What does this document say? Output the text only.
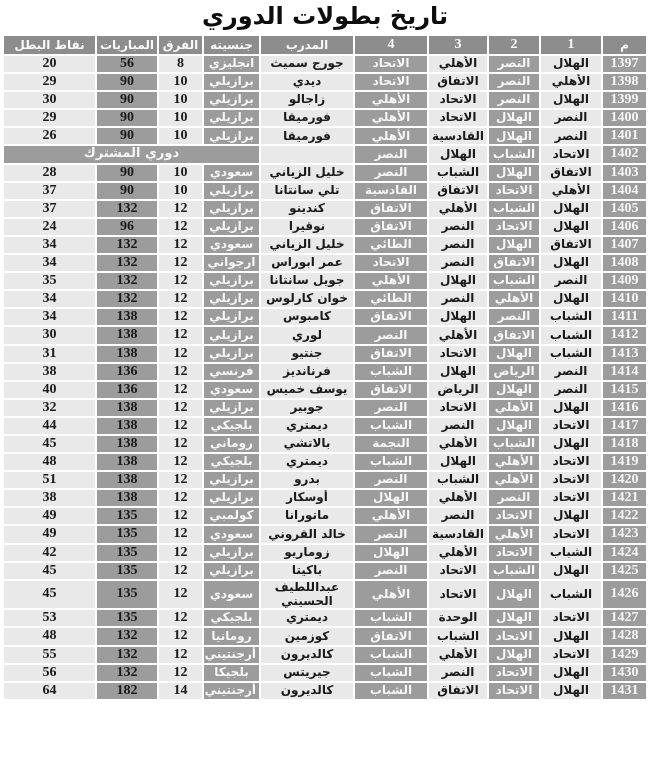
تاريخ بطولات الدوري
م	1	2	3	4	المدرب	جنسيته	الفرق	المباريات	نقاط البطل
1397	الهلال	النصر	الأهلي	الاتحاد	جورج سميث	انجليزي	8	56	20
1398	الأهلي	النصر	الاتفاق	الاتحاد	ديدي	برازيلي	10	90	29
1399	الهلال	النصر	الاتحاد	الأهلي	زاجالو	برازيلي	10	90	30
1400	النصر	الهلال	الاتحاد	الأهلي	فورميقا	برازيلي	10	90	29
1401	النصر	الهلال	القادسية	الأهلي	فورميقا	برازيلي	10	90	26
1402	الاتحاد	الشباب	الهلال	النصر		دوري المشترك			
1403	الاتفاق	الهلال	الشباب	النصر	خليل الزياني	سعودي	10	90	28
1404	الأهلي	الاتحاد	الاتفاق	القادسية	تلي سانتانا	برازيلي	10	90	37
1405	الهلال	الشباب	الأهلي	الاتفاق	كندينو	برازيلي	12	132	37
1406	الهلال	الاتحاد	النصر	الاتفاق	نوقيرا	برازيلي	12	96	24
1407	الاتفاق	الهلال	النصر	الطائي	خليل الزياني	سعودي	12	132	34
1408	الهلال	الاتفاق	النصر	الاتحاد	عمر ابوراس	ارجواني	12	132	34
1409	النصر	الشباب	الهلال	الأهلي	جويل سانتانا	برازيلي	12	132	35
1410	الهلال	الأهلي	النصر	الطائي	خوان كارلوس	برازيلي	12	132	34
1411	الشباب	النصر	الهلال	الاتفاق	كامبوس	برازيلي	12	138	34
1412	الشباب	الاتفاق	الأهلي	النصر	لوري	برازيلي	12	138	30
1413	الشباب	الهلال	الاتحاد	الاتفاق	جنتيو	برازيلي	12	138	31
1414	النصر	الرياض	الهلال	الشباب	فرنانديز	فرنسي	12	136	38
1415	النصر	الهلال	الرياض	الاتفاق	يوسف خميس	سعودي	12	136	40
1416	الهلال	الأهلي	الاتحاد	النصر	جوبير	برازيلي	12	138	32
1417	الاتحاد	الهلال	النصر	الشباب	ديمتري	بلجيكي	12	138	44
1418	الهلال	الشباب	الأهلي	النجمة	بالاتشي	روماني	12	138	45
1419	الاتحاد	الأهلي	الهلال	الشباب	ديمتري	بلجيكي	12	138	48
1420	الاتحاد	الأهلي	الشباب	النصر	بدرو	برازيلي	12	138	51
1421	الاتحاد	النصر	الأهلي	الهلال	أوسكار	برازيلي	12	138	38
1422	الهلال	الاتحاد	النصر	الأهلي	ماتورانا	كولمبي	12	135	49
1423	الاتحاد	الأهلي	القادسية	النصر	خالد القروني	سعودي	12	135	49
1424	الشباب	الاتحاد	الأهلي	الهلال	زوماريو	برازيلي	12	135	42
1425	الهلال	الشباب	الاتحاد	النصر	باكيتا	برازيلي	12	135	45
1426	الشباب	الهلال	الاتحاد	الأهلي	عبداللطيف الحسيني	سعودي	12	135	45
1427	الاتحاد	الهلال	الوحدة	الشباب	ديمتري	بلجيكي	12	135	53
1428	الهلال	الاتحاد	الشباب	الاتفاق	كوزمين	رومانيا	12	132	48
1429	الاتحاد	الهلال	الأهلي	الشباب	كالديرون	أرجنتيني	12	132	55
1430	الهلال	الاتحاد	النصر	الشباب	جيريتس	بلجيكا	12	132	56
1431	الهلال	الاتحاد	الاتفاق	الشباب	كالديرون	أرجنتيني	14	182	64
